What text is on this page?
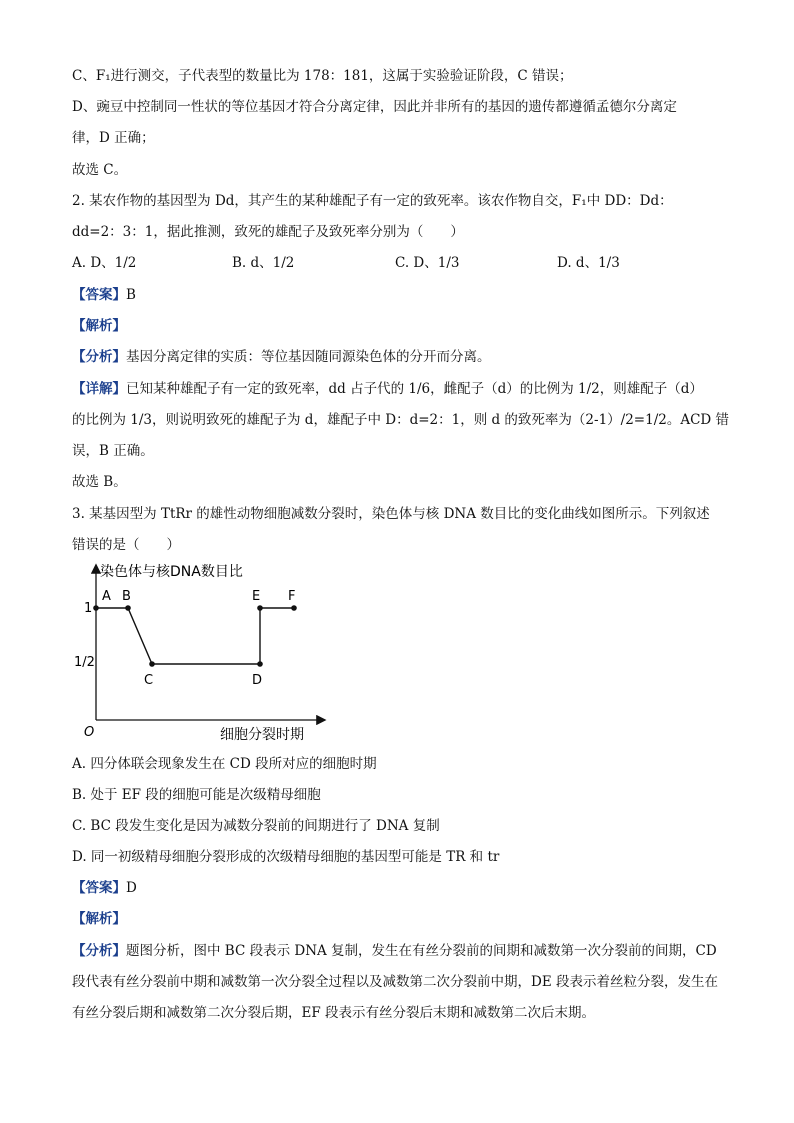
C、F₁进行测交，子代表型的数量比为 178：181，这属于实验验证阶段，C 错误；
D、豌豆中控制同一性状的等位基因才符合分离定律，因此并非所有的基因的遗传都遵循孟德尔分离定
律，D 正确；
故选 C。
2. 某农作物的基因型为 Dd，其产生的某种雄配子有一定的致死率。该农作物自交，F₁中 DD：Dd：
dd=2：3：1，据此推测，致死的雄配子及致死率分别为（　　）
A. D、1/2	B. d、1/2	C. D、1/3	D. d、1/3
【答案】B
【解析】
【分析】基因分离定律的实质：等位基因随同源染色体的分开而分离。
【详解】已知某种雄配子有一定的致死率，dd 占子代的 1/6，雌配子（d）的比例为 1/2，则雄配子（d）
的比例为 1/3，则说明致死的雄配子为 d，雄配子中 D：d=2：1，则 d 的致死率为（2-1）/2=1/2。ACD 错
误，B 正确。
故选 B。
3. 某基因型为 TtRr 的雄性动物细胞减数分裂时，染色体与核 DNA 数目比的变化曲线如图所示。下列叙述
错误的是（　　）
染色体与核DNA数目比
细胞分裂时期
O
1
1/2
A B
C	D
E F
A. 四分体联会现象发生在 CD 段所对应的细胞时期
B. 处于 EF 段的细胞可能是次级精母细胞
C. BC 段发生变化是因为减数分裂前的间期进行了 DNA 复制
D. 同一初级精母细胞分裂形成的次级精母细胞的基因型可能是 TR 和 tr
【答案】D
【解析】
【分析】题图分析，图中 BC 段表示 DNA 复制，发生在有丝分裂前的间期和减数第一次分裂前的间期，CD 段代表有丝分裂前中期和减数第一次分裂全过程以及减数第二次分裂前中期，DE 段表示着丝粒分裂，发生在有丝分裂后期和减数第二次分裂后期，EF 段表示有丝分裂后末期和减数第二次后末期。
